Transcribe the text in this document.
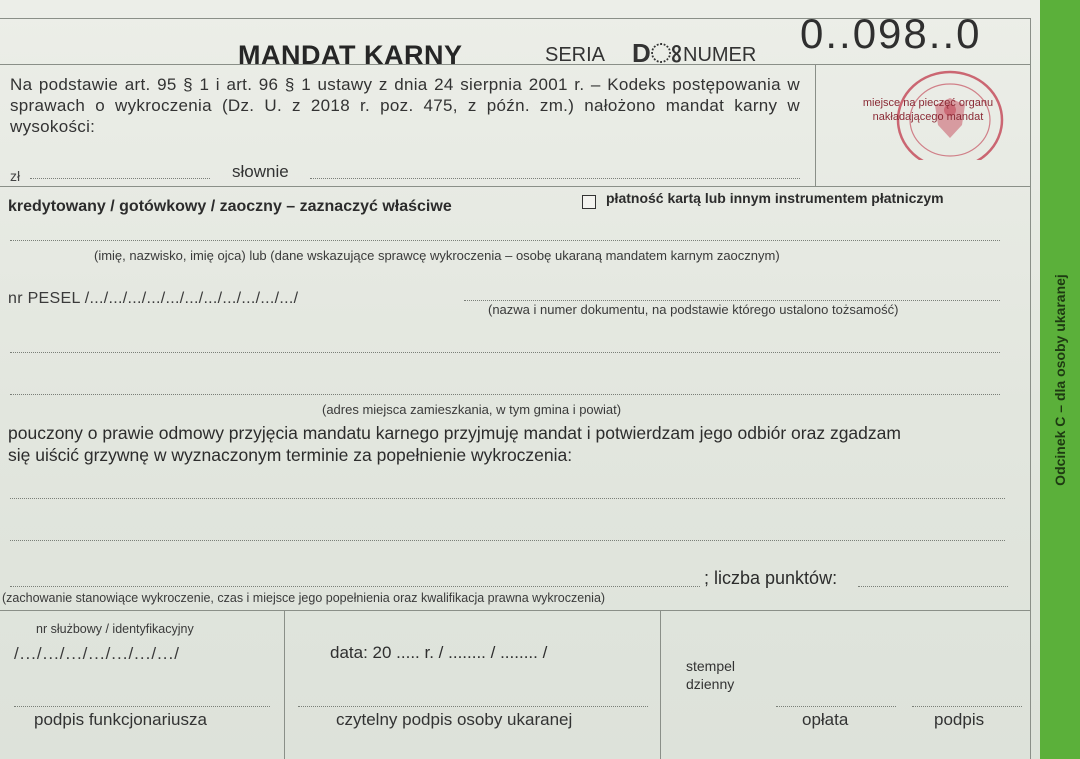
MANDAT KARNY	SERIA Dଃ NUMER 0..098..0
Na podstawie art. 95 § 1 i art. 96 § 1 ustawy z dnia 24 sierpnia 2001 r. – Kodeks postępowania w sprawach o wykroczenia (Dz. U. z 2018 r. poz. 475, z późn. zm.) nałożono mandat karny w wysokości:
miejsce na pieczęć organu nakładającego mandat
zł	słownie
kredytowany / gotówkowy / zaoczny – zaznaczyć właściwe	płatność kartą lub innym instrumentem płatniczym
(imię, nazwisko, imię ojca) lub (dane wskazujące sprawcę wykroczenia – osobę ukaraną mandatem karnym zaocznym)
nr PESEL /.../.../.../.../.../.../.../.../.../.../.../
(nazwa i numer dokumentu, na podstawie którego ustalono tożsamość)
(adres miejsca zamieszkania, w tym gmina i powiat)
pouczony o prawie odmowy przyjęcia mandatu karnego przyjmuję mandat i potwierdzam jego odbiór oraz zgadzam się uiścić grzywnę w wyznaczonym terminie za popełnienie wykroczenia:
; liczba punktów:
(zachowanie stanowiące wykroczenie, czas i miejsce jego popełnienia oraz kwalifikacja prawna wykroczenia)
nr służbowy / identyfikacyjny
/.../.../.../.../.../.../.../	data: 20 ..... r. / ........ / ........ /
stempel dzienny
podpis funkcjonariusza	czytelny podpis osoby ukaranej	opłata	podpis
Odcinek C – dla osoby ukaranej
